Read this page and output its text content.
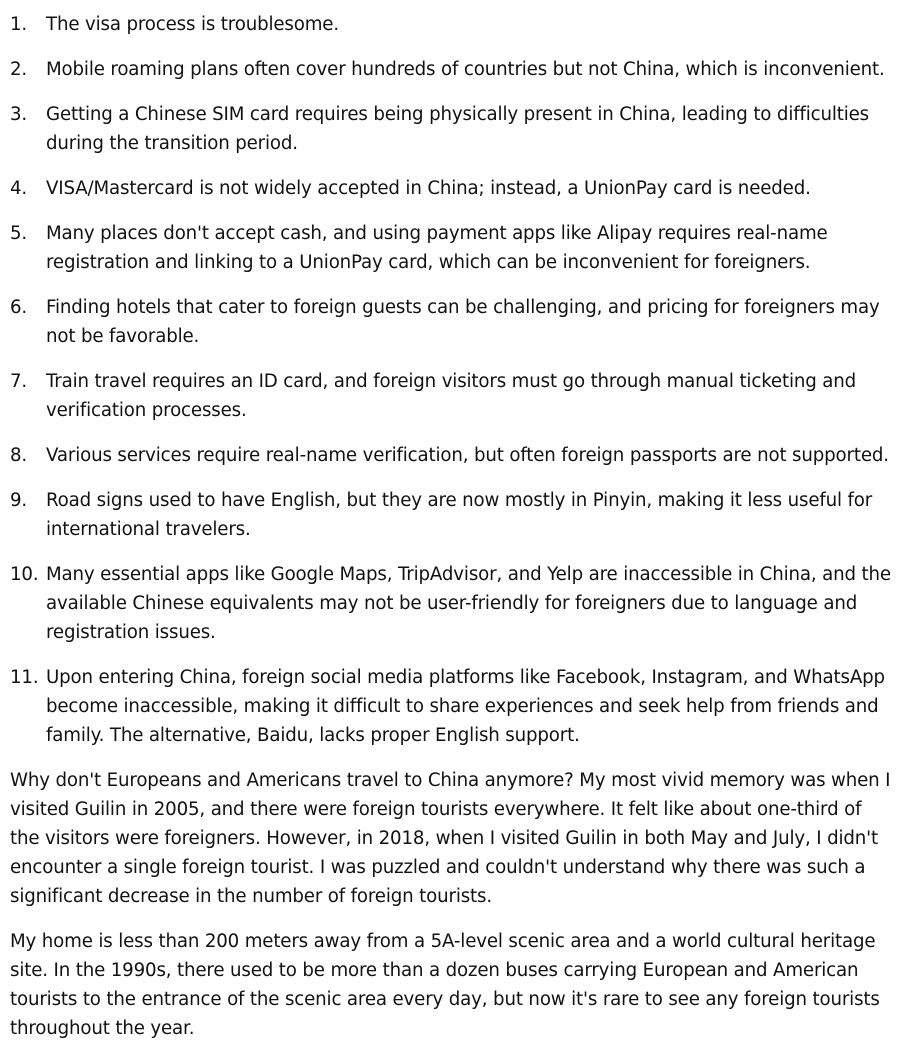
1.	The visa process is troublesome.
2.	Mobile roaming plans often cover hundreds of countries but not China, which is inconvenient.
3.	Getting a Chinese SIM card requires being physically present in China, leading to difficulties during the transition period.
4.	VISA/Mastercard is not widely accepted in China; instead, a UnionPay card is needed.
5.	Many places don't accept cash, and using payment apps like Alipay requires real-name registration and linking to a UnionPay card, which can be inconvenient for foreigners.
6.	Finding hotels that cater to foreign guests can be challenging, and pricing for foreigners may not be favorable.
7.	Train travel requires an ID card, and foreign visitors must go through manual ticketing and verification processes.
8.	Various services require real-name verification, but often foreign passports are not supported.
9.	Road signs used to have English, but they are now mostly in Pinyin, making it less useful for international travelers.
10. Many essential apps like Google Maps, TripAdvisor, and Yelp are inaccessible in China, and the available Chinese equivalents may not be user-friendly for foreigners due to language and registration issues.
11. Upon entering China, foreign social media platforms like Facebook, Instagram, and WhatsApp become inaccessible, making it difficult to share experiences and seek help from friends and family. The alternative, Baidu, lacks proper English support.

Why don't Europeans and Americans travel to China anymore? My most vivid memory was when I visited Guilin in 2005, and there were foreign tourists everywhere. It felt like about one-third of the visitors were foreigners. However, in 2018, when I visited Guilin in both May and July, I didn't encounter a single foreign tourist. I was puzzled and couldn't understand why there was such a significant decrease in the number of foreign tourists.

My home is less than 200 meters away from a 5A-level scenic area and a world cultural heritage site. In the 1990s, there used to be more than a dozen buses carrying European and American tourists to the entrance of the scenic area every day, but now it's rare to see any foreign tourists throughout the year.
